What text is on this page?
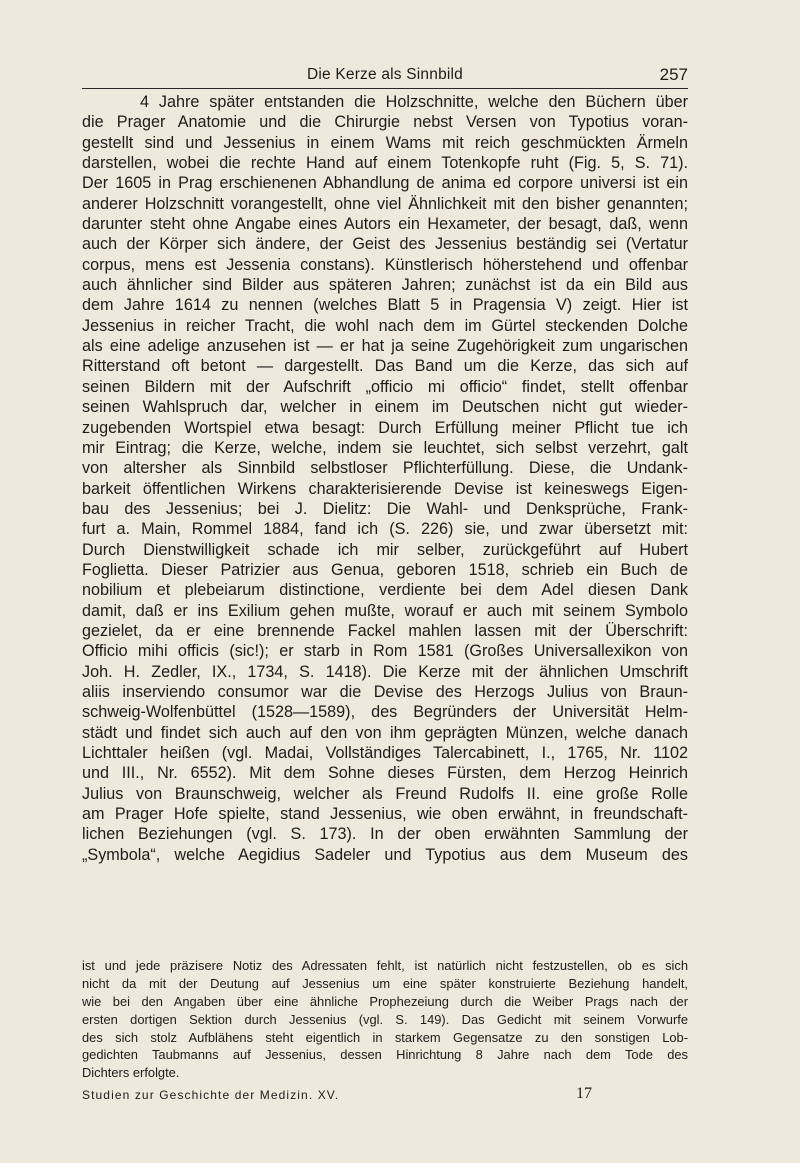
Die Kerze als Sinnbild	257
4 Jahre später entstanden die Holzschnitte, welche den Büchern über
die Prager Anatomie und die Chirurgie nebst Versen von Typotius voran-
gestellt sind und Jessenius in einem Wams mit reich geschmückten Ärmeln
darstellen, wobei die rechte Hand auf einem Totenkopfe ruht (Fig. 5, S. 71).
Der 1605 in Prag erschienenen Abhandlung de anima ed corpore universi ist ein
anderer Holzschnitt vorangestellt, ohne viel Ähnlichkeit mit den bisher genannten;
darunter steht ohne Angabe eines Autors ein Hexameter, der besagt, daß, wenn
auch der Körper sich ändere, der Geist des Jessenius beständig sei (Vertatur
corpus, mens est Jessenia constans). Künstlerisch höherstehend und offenbar
auch ähnlicher sind Bilder aus späteren Jahren; zunächst ist da ein Bild aus
dem Jahre 1614 zu nennen (welches Blatt 5 in Pragensia V) zeigt. Hier ist
Jessenius in reicher Tracht, die wohl nach dem im Gürtel steckenden Dolche
als eine adelige anzusehen ist — er hat ja seine Zugehörigkeit zum ungarischen
Ritterstand oft betont — dargestellt. Das Band um die Kerze, das sich auf
seinen Bildern mit der Aufschrift „officio mi officio“ findet, stellt offenbar
seinen Wahlspruch dar, welcher in einem im Deutschen nicht gut wieder-
zugebenden Wortspiel etwa besagt: Durch Erfüllung meiner Pflicht tue ich
mir Eintrag; die Kerze, welche, indem sie leuchtet, sich selbst verzehrt, galt
von altersher als Sinnbild selbstloser Pflichterfüllung. Diese, die Undank-
barkeit öffentlichen Wirkens charakterisierende Devise ist keineswegs Eigen-
bau des Jessenius; bei J. Dielitz: Die Wahl- und Denksprüche, Frank-
furt a. Main, Rommel 1884, fand ich (S. 226) sie, und zwar übersetzt mit:
Durch Dienstwilligkeit schade ich mir selber, zurückgeführt auf Hubert
Foglietta. Dieser Patrizier aus Genua, geboren 1518, schrieb ein Buch de
nobilium et plebeiarum distinctione, verdiente bei dem Adel diesen Dank
damit, daß er ins Exilium gehen mußte, worauf er auch mit seinem Symbolo
gezielet, da er eine brennende Fackel mahlen lassen mit der Überschrift:
Officio mihi officis (sic!); er starb in Rom 1581 (Großes Universallexikon von
Joh. H. Zedler, IX., 1734, S. 1418). Die Kerze mit der ähnlichen Umschrift
aliis inserviendo consumor war die Devise des Herzogs Julius von Braun-
schweig-Wolfenbüttel (1528—1589), des Begründers der Universität Helm-
städt und findet sich auch auf den von ihm geprägten Münzen, welche danach
Lichttaler heißen (vgl. Madai, Vollständiges Talercabinett, I., 1765, Nr. 1102
und III., Nr. 6552). Mit dem Sohne dieses Fürsten, dem Herzog Heinrich
Julius von Braunschweig, welcher als Freund Rudolfs II. eine große Rolle
am Prager Hofe spielte, stand Jessenius, wie oben erwähnt, in freundschaft-
lichen Beziehungen (vgl. S. 173). In der oben erwähnten Sammlung der
„Symbola“, welche Aegidius Sadeler und Typotius aus dem Museum des
ist und jede präzisere Notiz des Adressaten fehlt, ist natürlich nicht festzustellen, ob es sich
nicht da mit der Deutung auf Jessenius um eine später konstruierte Beziehung handelt,
wie bei den Angaben über eine ähnliche Prophezeiung durch die Weiber Prags nach der
ersten dortigen Sektion durch Jessenius (vgl. S. 149). Das Gedicht mit seinem Vorwurfe
des sich stolz Aufblähens steht eigentlich in starkem Gegensatze zu den sonstigen Lob-
gedichten Taubmanns auf Jessenius, dessen Hinrichtung 8 Jahre nach dem Tode des
Dichters erfolgte.
Studien zur Geschichte der Medizin. XV.	17
